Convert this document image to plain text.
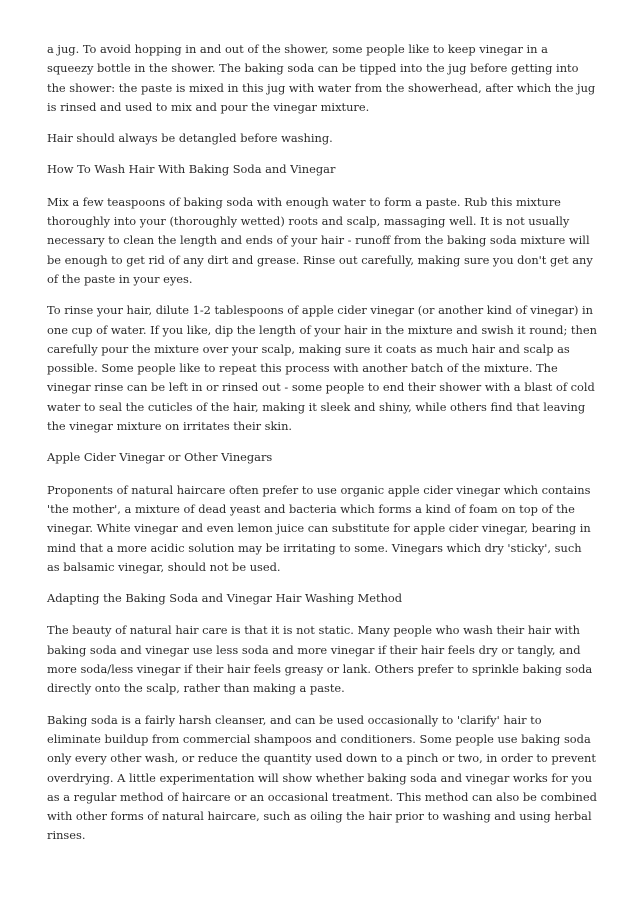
a jug. To avoid hopping in and out of the shower, some people like to keep vinegar in a squeezy bottle in the shower. The baking soda can be tipped into the jug before getting into the shower: the paste is mixed in this jug with water from the showerhead, after which the jug is rinsed and used to mix and pour the vinegar mixture.

Hair should always be detangled before washing.

How To Wash Hair With Baking Soda and Vinegar

Mix a few teaspoons of baking soda with enough water to form a paste. Rub this mixture thoroughly into your (thoroughly wetted) roots and scalp, massaging well. It is not usually necessary to clean the length and ends of your hair - runoff from the baking soda mixture will be enough to get rid of any dirt and grease. Rinse out carefully, making sure you don't get any of the paste in your eyes.

To rinse your hair, dilute 1-2 tablespoons of apple cider vinegar (or another kind of vinegar) in one cup of water. If you like, dip the length of your hair in the mixture and swish it round; then carefully pour the mixture over your scalp, making sure it coats as much hair and scalp as possible. Some people like to repeat this process with another batch of the mixture. The vinegar rinse can be left in or rinsed out - some people to end their shower with a blast of cold water to seal the cuticles of the hair, making it sleek and shiny, while others find that leaving the vinegar mixture on irritates their skin.

Apple Cider Vinegar or Other Vinegars

Proponents of natural haircare often prefer to use organic apple cider vinegar which contains 'the mother', a mixture of dead yeast and bacteria which forms a kind of foam on top of the vinegar. White vinegar and even lemon juice can substitute for apple cider vinegar, bearing in mind that a more acidic solution may be irritating to some. Vinegars which dry 'sticky', such as balsamic vinegar, should not be used.

Adapting the Baking Soda and Vinegar Hair Washing Method

The beauty of natural hair care is that it is not static. Many people who wash their hair with baking soda and vinegar use less soda and more vinegar if their hair feels dry or tangly, and more soda/less vinegar if their hair feels greasy or lank. Others prefer to sprinkle baking soda directly onto the scalp, rather than making a paste.

Baking soda is a fairly harsh cleanser, and can be used occasionally to 'clarify' hair to eliminate buildup from commercial shampoos and conditioners. Some people use baking soda only every other wash, or reduce the quantity used down to a pinch or two, in order to prevent overdrying. A little experimentation will show whether baking soda and vinegar works for you as a regular method of haircare or an occasional treatment. This method can also be combined with other forms of natural haircare, such as oiling the hair prior to washing and using herbal rinses.
